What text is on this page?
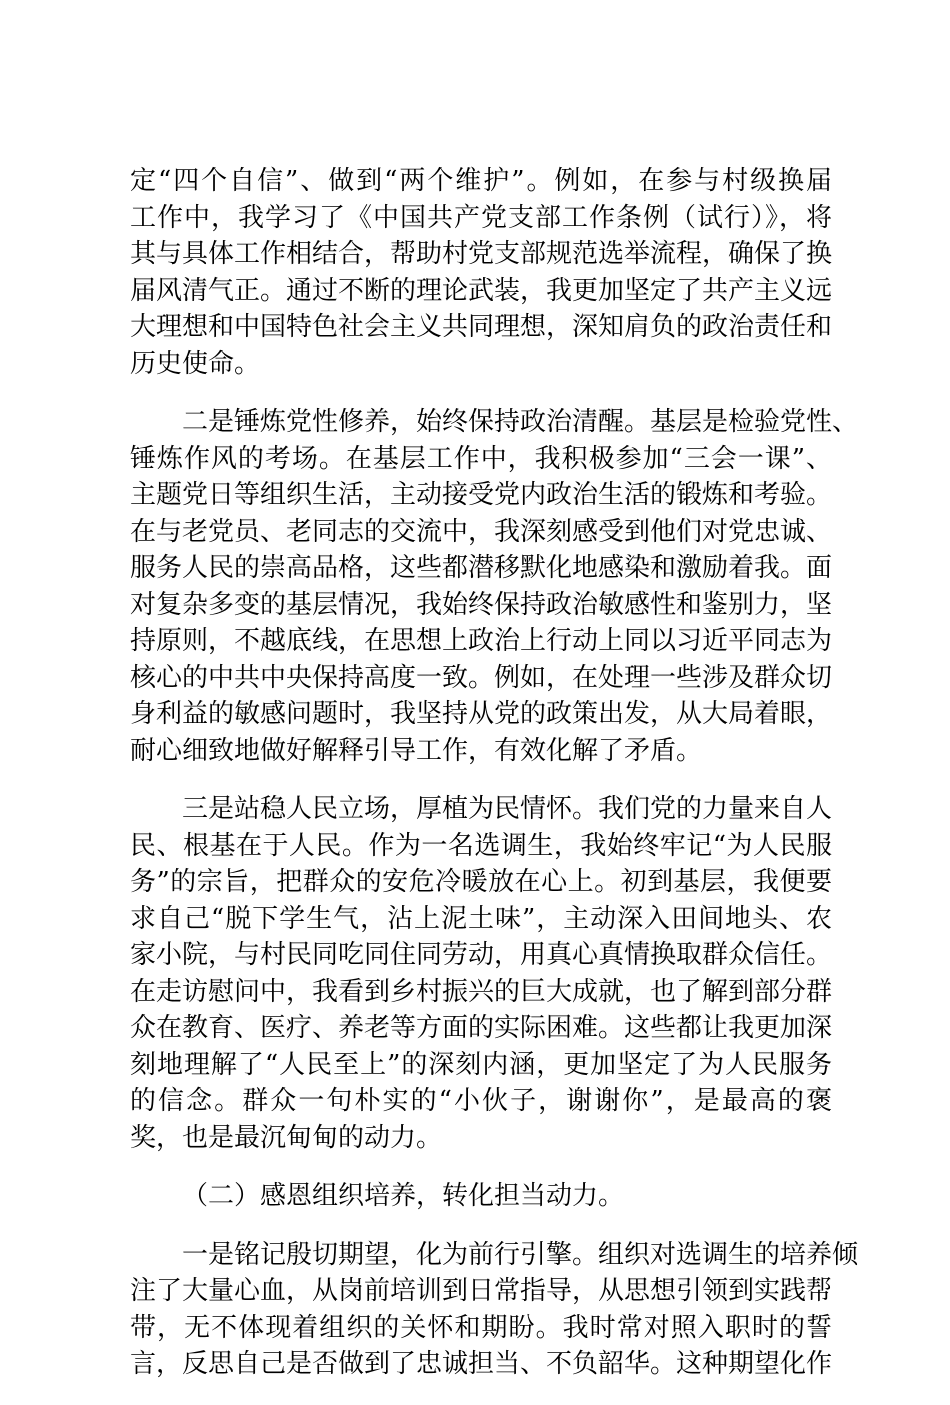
定“四个自信”、做到“两个维护”。例如，在参与村级换届
工作中，我学习了《中国共产党支部工作条例（试行）》，将
其与具体工作相结合，帮助村党支部规范选举流程，确保了换
届风清气正。通过不断的理论武装，我更加坚定了共产主义远
大理想和中国特色社会主义共同理想，深知肩负的政治责任和
历史使命。
二是锤炼党性修养，始终保持政治清醒。基层是检验党性、
锤炼作风的考场。在基层工作中，我积极参加“三会一课”、
主题党日等组织生活，主动接受党内政治生活的锻炼和考验。
在与老党员、老同志的交流中，我深刻感受到他们对党忠诚、
服务人民的崇高品格，这些都潜移默化地感染和激励着我。面
对复杂多变的基层情况，我始终保持政治敏感性和鉴别力，坚
持原则，不越底线，在思想上政治上行动上同以习近平同志为
核心的中共中央保持高度一致。例如，在处理一些涉及群众切
身利益的敏感问题时，我坚持从党的政策出发，从大局着眼，
耐心细致地做好解释引导工作，有效化解了矛盾。
三是站稳人民立场，厚植为民情怀。我们党的力量来自人
民、根基在于人民。作为一名选调生，我始终牢记“为人民服
务”的宗旨，把群众的安危冷暖放在心上。初到基层，我便要
求自己“脱下学生气，沾上泥土味”，主动深入田间地头、农
家小院，与村民同吃同住同劳动，用真心真情换取群众信任。
在走访慰问中，我看到乡村振兴的巨大成就，也了解到部分群
众在教育、医疗、养老等方面的实际困难。这些都让我更加深
刻地理解了“人民至上”的深刻内涵，更加坚定了为人民服务
的信念。群众一句朴实的“小伙子，谢谢你”，是最高的褒
奖，也是最沉甸甸的动力。
（二）感恩组织培养，转化担当动力。
一是铭记殷切期望，化为前行引擎。组织对选调生的培养倾
注了大量心血，从岗前培训到日常指导，从思想引领到实践帮
带，无不体现着组织的关怀和期盼。我时常对照入职时的誓
言，反思自己是否做到了忠诚担当、不负韶华。这种期望化作
